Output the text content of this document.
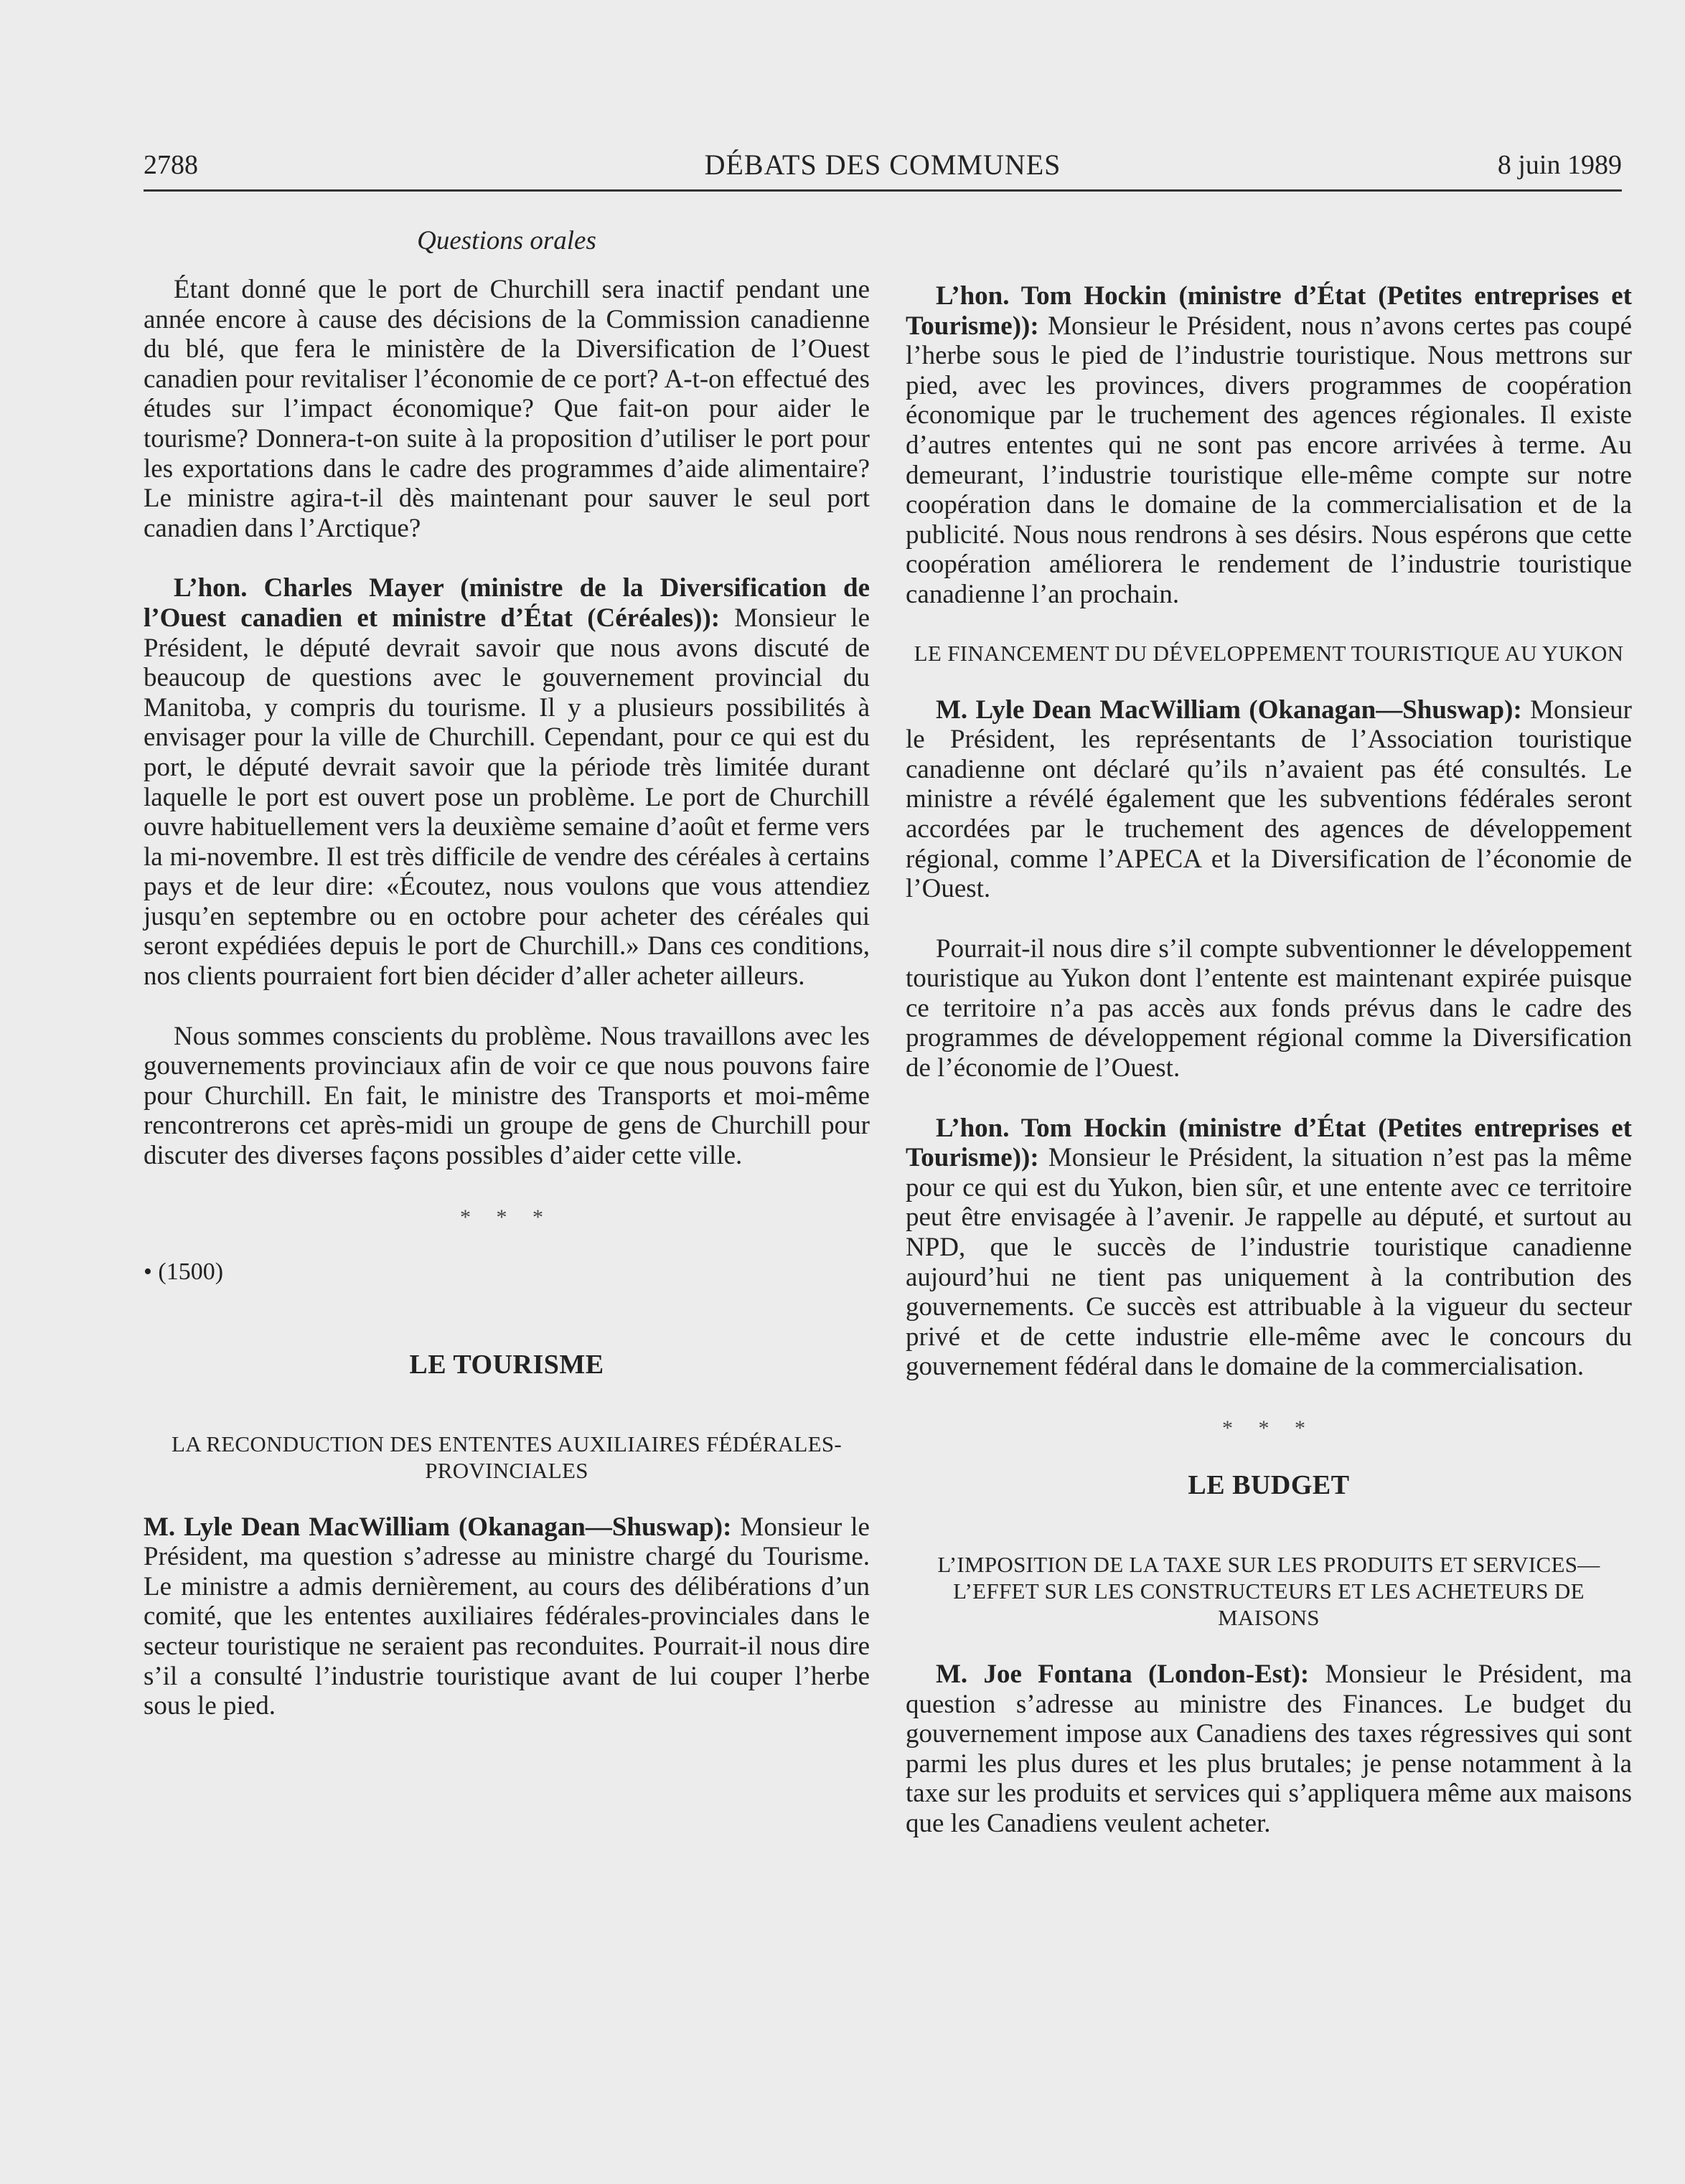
2788	DÉBATS DES COMMUNES	8 juin 1989
Questions orales

Étant donné que le port de Churchill sera inactif pendant une année encore à cause des décisions de la Commission canadienne du blé, que fera le ministère de la Diversification de l’Ouest canadien pour revitaliser l’économie de ce port? A-t-on effectué des études sur l’impact économique? Que fait-on pour aider le tourisme? Donnera-t-on suite à la proposition d’utiliser le port pour les exportations dans le cadre des programmes d’aide alimentaire? Le ministre agira-t-il dès maintenant pour sauver le seul port canadien dans l’Arctique?

L’hon. Charles Mayer (ministre de la Diversification de l’Ouest canadien et ministre d’État (Céréales)): Monsieur le Président, le député devrait savoir que nous avons discuté de beaucoup de questions avec le gouvernement provincial du Manitoba, y compris du tourisme. Il y a plusieurs possibilités à envisager pour la ville de Churchill. Cependant, pour ce qui est du port, le député devrait savoir que la période très limitée durant laquelle le port est ouvert pose un problème. Le port de Churchill ouvre habituellement vers la deuxième semaine d’août et ferme vers la mi-novembre. Il est très difficile de vendre des céréales à certains pays et de leur dire: «Écoutez, nous voulons que vous attendiez jusqu’en septembre ou en octobre pour acheter des céréales qui seront expédiées depuis le port de Churchill.» Dans ces conditions, nos clients pourraient fort bien décider d’aller acheter ailleurs.

Nous sommes conscients du problème. Nous travaillons avec les gouvernements provinciaux afin de voir ce que nous pouvons faire pour Churchill. En fait, le ministre des Transports et moi-même rencontrerons cet après-midi un groupe de gens de Churchill pour discuter des diverses façons possibles d’aider cette ville.

* * *
• (1500)
LE TOURISME
LA RECONDUCTION DES ENTENTES AUXILIAIRES FÉDÉRALES-PROVINCIALES

M. Lyle Dean MacWilliam (Okanagan—Shuswap): Monsieur le Président, ma question s’adresse au ministre chargé du Tourisme. Le ministre a admis dernièrement, au cours des délibérations d’un comité, que les ententes auxiliaires fédérales-provinciales dans le secteur touristique ne seraient pas reconduites. Pourrait-il nous dire s’il a consulté l’industrie touristique avant de lui couper l’herbe sous le pied.

L’hon. Tom Hockin (ministre d’État (Petites entreprises et Tourisme)): Monsieur le Président, nous n’avons certes pas coupé l’herbe sous le pied de l’industrie touristique. Nous mettrons sur pied, avec les provinces, divers programmes de coopération économique par le truchement des agences régionales. Il existe d’autres ententes qui ne sont pas encore arrivées à terme. Au demeurant, l’industrie touristique elle-même compte sur notre coopération dans le domaine de la commercialisation et de la publicité. Nous nous rendrons à ses désirs. Nous espérons que cette coopération améliorera le rendement de l’industrie touristique canadienne l’an prochain.

LE FINANCEMENT DU DÉVELOPPEMENT TOURISTIQUE AU YUKON

M. Lyle Dean MacWilliam (Okanagan—Shuswap): Monsieur le Président, les représentants de l’Association touristique canadienne ont déclaré qu’ils n’avaient pas été consultés. Le ministre a révélé également que les subventions fédérales seront accordées par le truchement des agences de développement régional, comme l’APECA et la Diversification de l’économie de l’Ouest.

Pourrait-il nous dire s’il compte subventionner le développement touristique au Yukon dont l’entente est maintenant expirée puisque ce territoire n’a pas accès aux fonds prévus dans le cadre des programmes de développement régional comme la Diversification de l’économie de l’Ouest.

L’hon. Tom Hockin (ministre d’État (Petites entreprises et Tourisme)): Monsieur le Président, la situation n’est pas la même pour ce qui est du Yukon, bien sûr, et une entente avec ce territoire peut être envisagée à l’avenir. Je rappelle au député, et surtout au NPD, que le succès de l’industrie touristique canadienne aujourd’hui ne tient pas uniquement à la contribution des gouvernements. Ce succès est attribuable à la vigueur du secteur privé et de cette industrie elle-même avec le concours du gouvernement fédéral dans le domaine de la commercialisation.

* * *
LE BUDGET
L’IMPOSITION DE LA TAXE SUR LES PRODUITS ET SERVICES—L’EFFET SUR LES CONSTRUCTEURS ET LES ACHETEURS DE MAISONS

M. Joe Fontana (London-Est): Monsieur le Président, ma question s’adresse au ministre des Finances. Le budget du gouvernement impose aux Canadiens des taxes régressives qui sont parmi les plus dures et les plus brutales; je pense notamment à la taxe sur les produits et services qui s’appliquera même aux maisons que les Canadiens veulent acheter.
